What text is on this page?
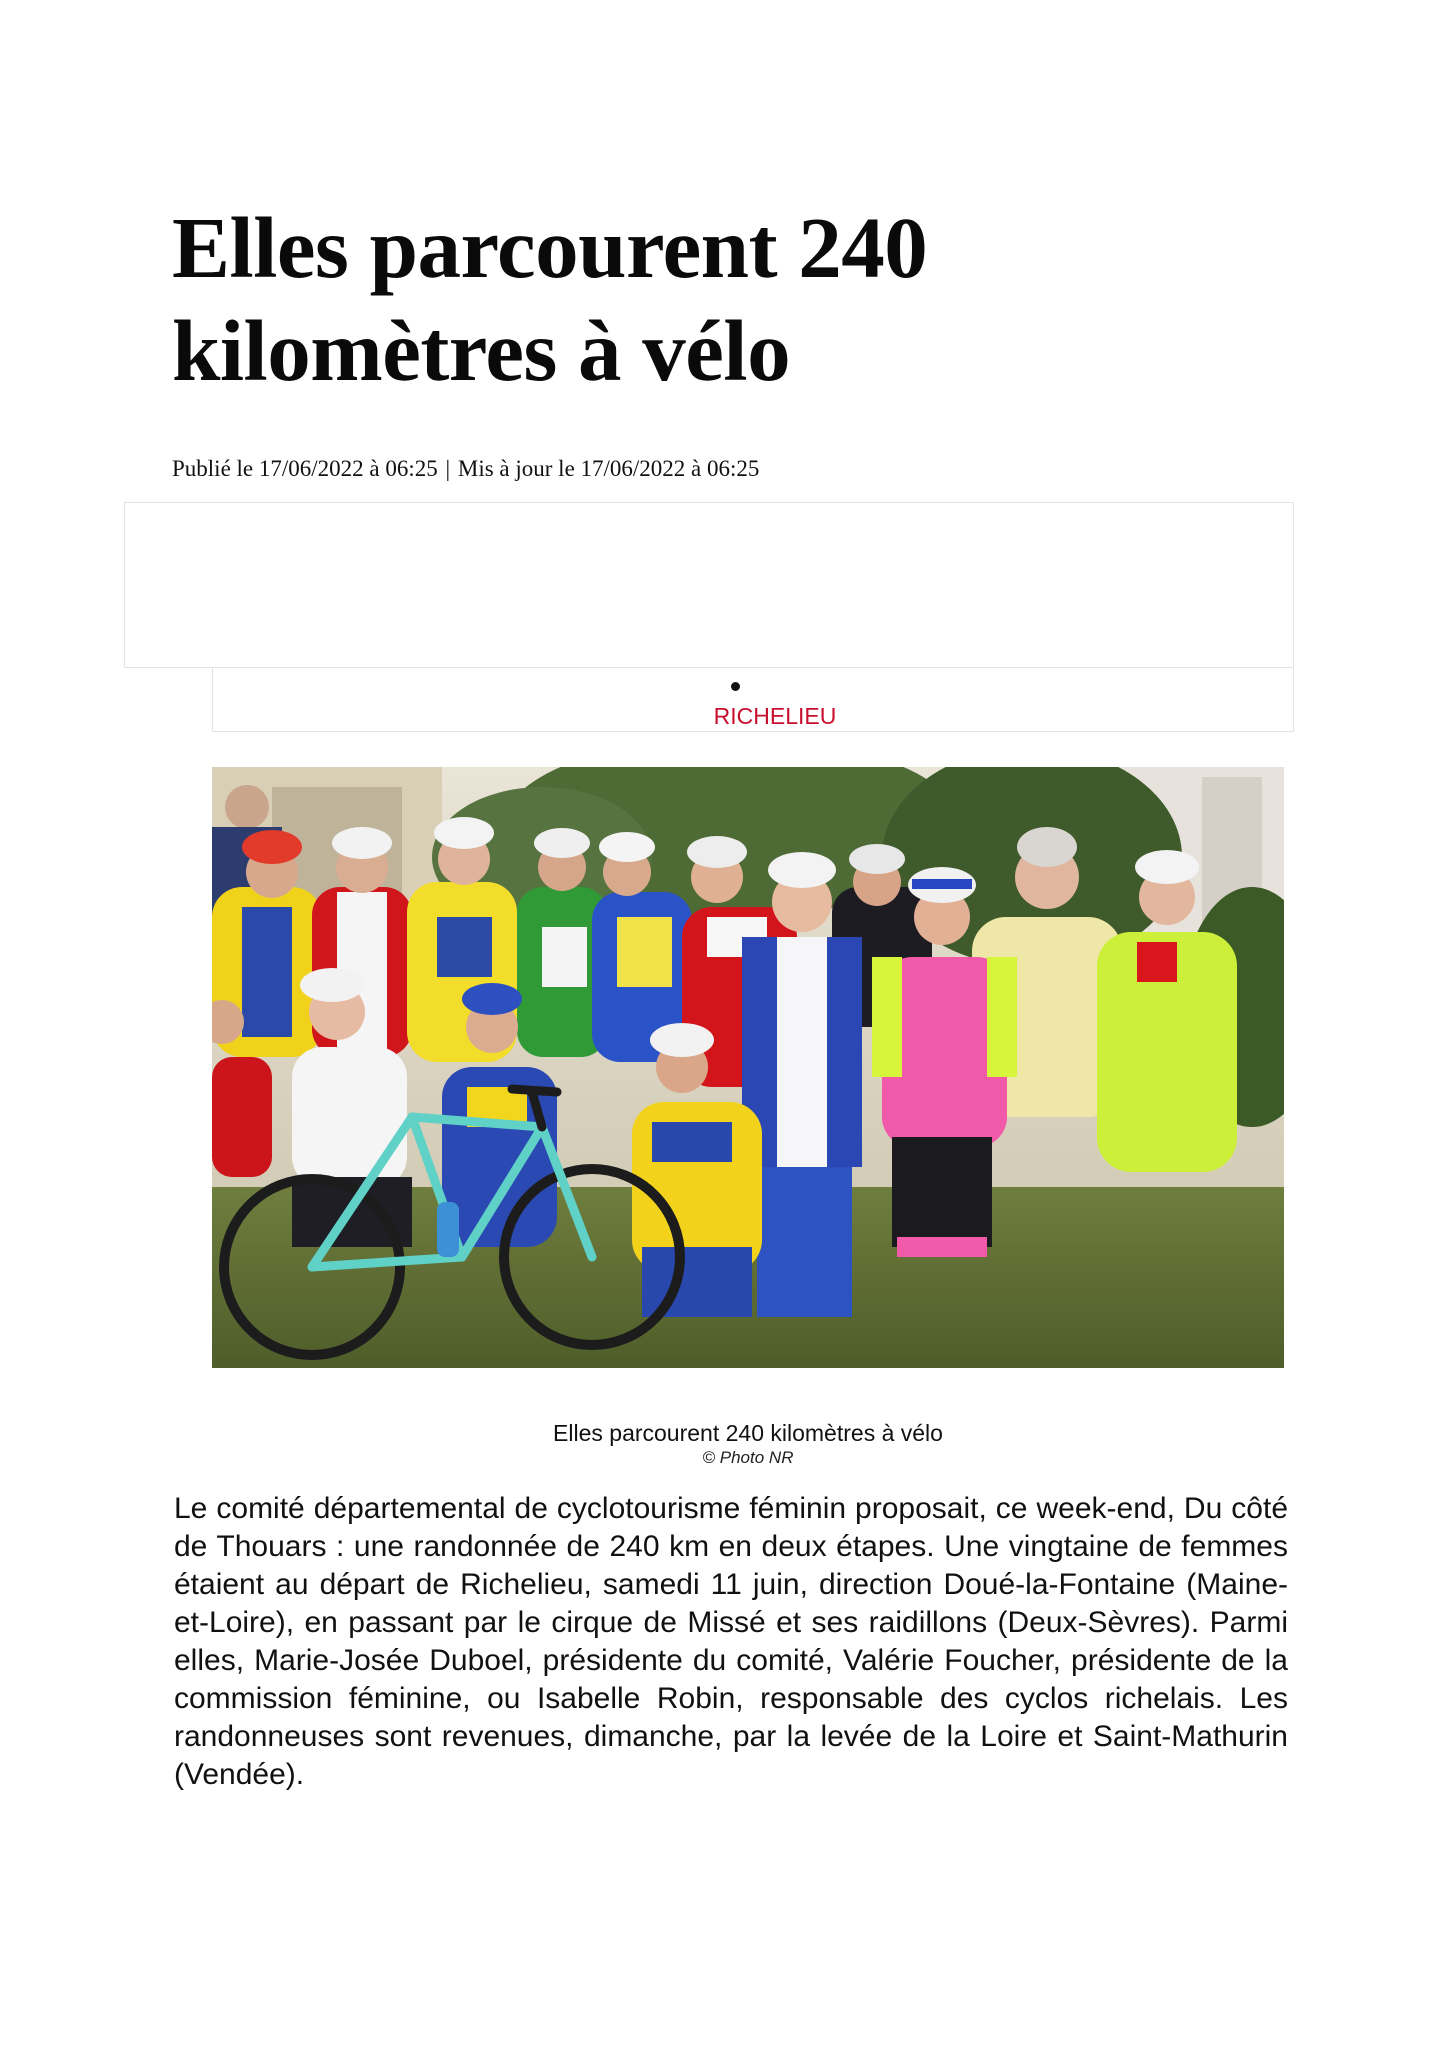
Elles parcourent 240 kilomètres à vélo
Publié le 17/06/2022 à 06:25 | Mis à jour le 17/06/2022 à 06:25
RICHELIEU
Elles parcourent 240 kilomètres à vélo
© Photo NR

Le comité départemental de cyclotourisme féminin proposait, ce week-end, Du côté de Thouars : une randonnée de 240 km en deux étapes. Une vingtaine de femmes étaient au départ de Richelieu, samedi 11 juin, direction Doué-la-Fontaine (Maine-et-Loire), en passant par le cirque de Missé et ses raidillons (Deux-Sèvres). Parmi elles, Marie-Josée Duboel, présidente du comité, Valérie Foucher, présidente de la commission féminine, ou Isabelle Robin, responsable des cyclos richelais. Les randonneuses sont revenues, dimanche, par la levée de la Loire et Saint-Mathurin (Vendée).
